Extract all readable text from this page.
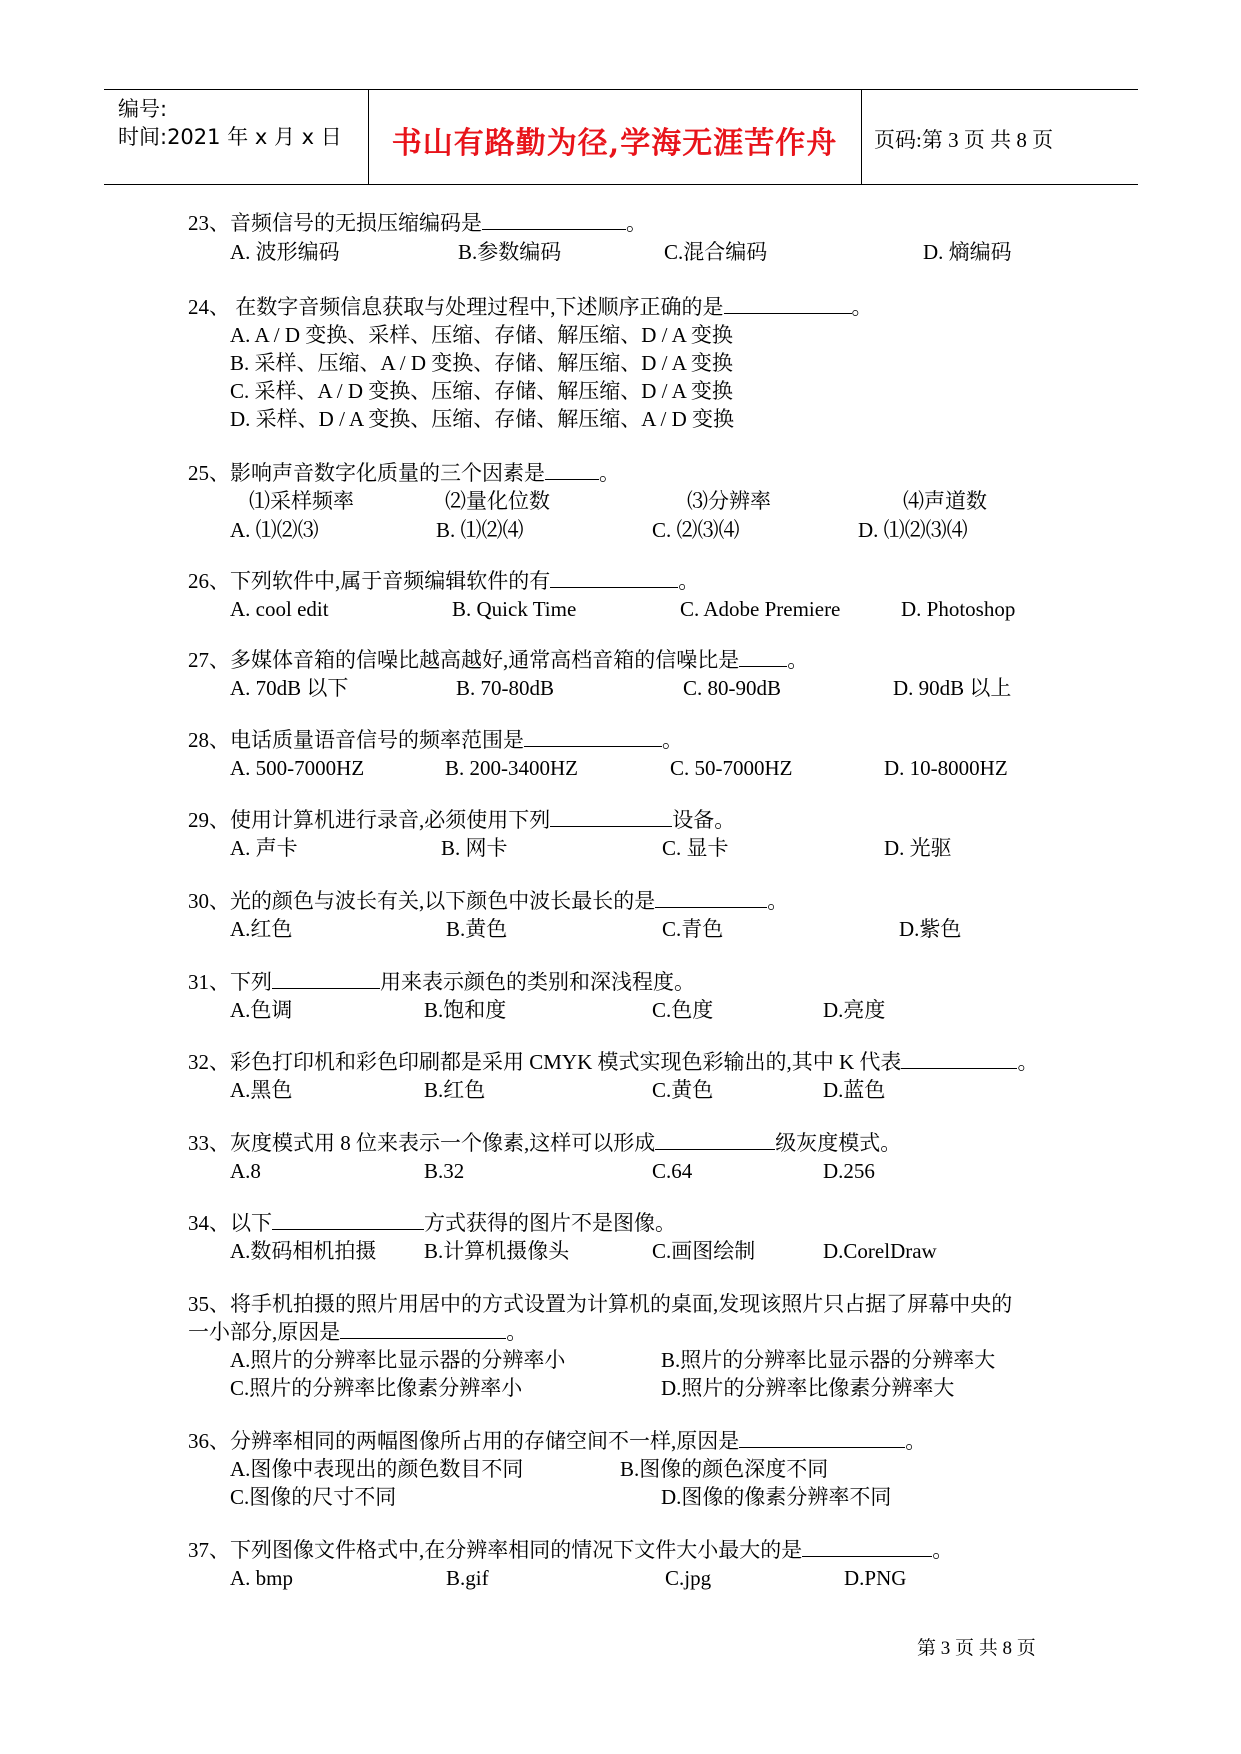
编号:
时间:2021 年 x 月 x 日	书山有路勤为径,学海无涯苦作舟	页码:第 3 页 共 8 页
23、音频信号的无损压缩编码是	。
A. 波形编码	B.参数编码	C.混合编码	D. 熵编码
24、 在数字音频信息获取与处理过程中,下述顺序正确的是	。
A. A / D 变换、采样、压缩、存储、解压缩、D / A 变换
B. 采样、压缩、A / D 变换、存储、解压缩、D / A 变换
C. 采样、A / D 变换、压缩、存储、解压缩、D / A 变换
D. 采样、D / A 变换、压缩、存储、解压缩、A / D 变换
25、影响声音数字化质量的三个因素是	。
⑴采样频率	⑵量化位数	⑶分辨率	⑷声道数
A. ⑴⑵⑶	B. ⑴⑵⑷	C. ⑵⑶⑷	D. ⑴⑵⑶⑷
26、下列软件中,属于音频编辑软件的有	。
A. cool edit	B. Quick Time	C. Adobe Premiere	D. Photoshop
27、多媒体音箱的信噪比越高越好,通常高档音箱的信噪比是 。
A. 70dB 以下	B. 70-80dB	C. 80-90dB	D. 90dB 以上
28、电话质量语音信号的频率范围是	。
A. 500-7000HZ	B. 200-3400HZ	C. 50-7000HZ	D. 10-8000HZ
29、使用计算机进行录音,必须使用下列	设备。
A. 声卡	B. 网卡	C. 显卡	D. 光驱
30、光的颜色与波长有关,以下颜色中波长最长的是	。
A.红色	B.黄色	C.青色	D.紫色
31、下列	用来表示颜色的类别和深浅程度。
A.色调	B.饱和度	C.色度	D.亮度
32、彩色打印机和彩色印刷都是采用 CMYK 模式实现色彩输出的,其中 K 代表	。
A.黑色	B.红色	C.黄色	D.蓝色
33、灰度模式用 8 位来表示一个像素,这样可以形成	级灰度模式。
A.8	B.32	C.64	D.256
34、以下	方式获得的图片不是图像。
A.数码相机拍摄 B.计算机摄像头	C.画图绘制	D.CorelDraw
35、将手机拍摄的照片用居中的方式设置为计算机的桌面,发现该照片只占据了屏幕中央的
一小部分,原因是	。
A.照片的分辨率比显示器的分辨率小	B.照片的分辨率比显示器的分辨率大
C.照片的分辨率比像素分辨率小	D.照片的分辨率比像素分辨率大
36、分辨率相同的两幅图像所占用的存储空间不一样,原因是	。
A.图像中表现出的颜色数目不同	B.图像的颜色深度不同
C.图像的尺寸不同	D.图像的像素分辨率不同
37、下列图像文件格式中,在分辨率相同的情况下文件大小最大的是	。
A. bmp	B.gif	C.jpg	D.PNG
第 3 页 共 8 页
